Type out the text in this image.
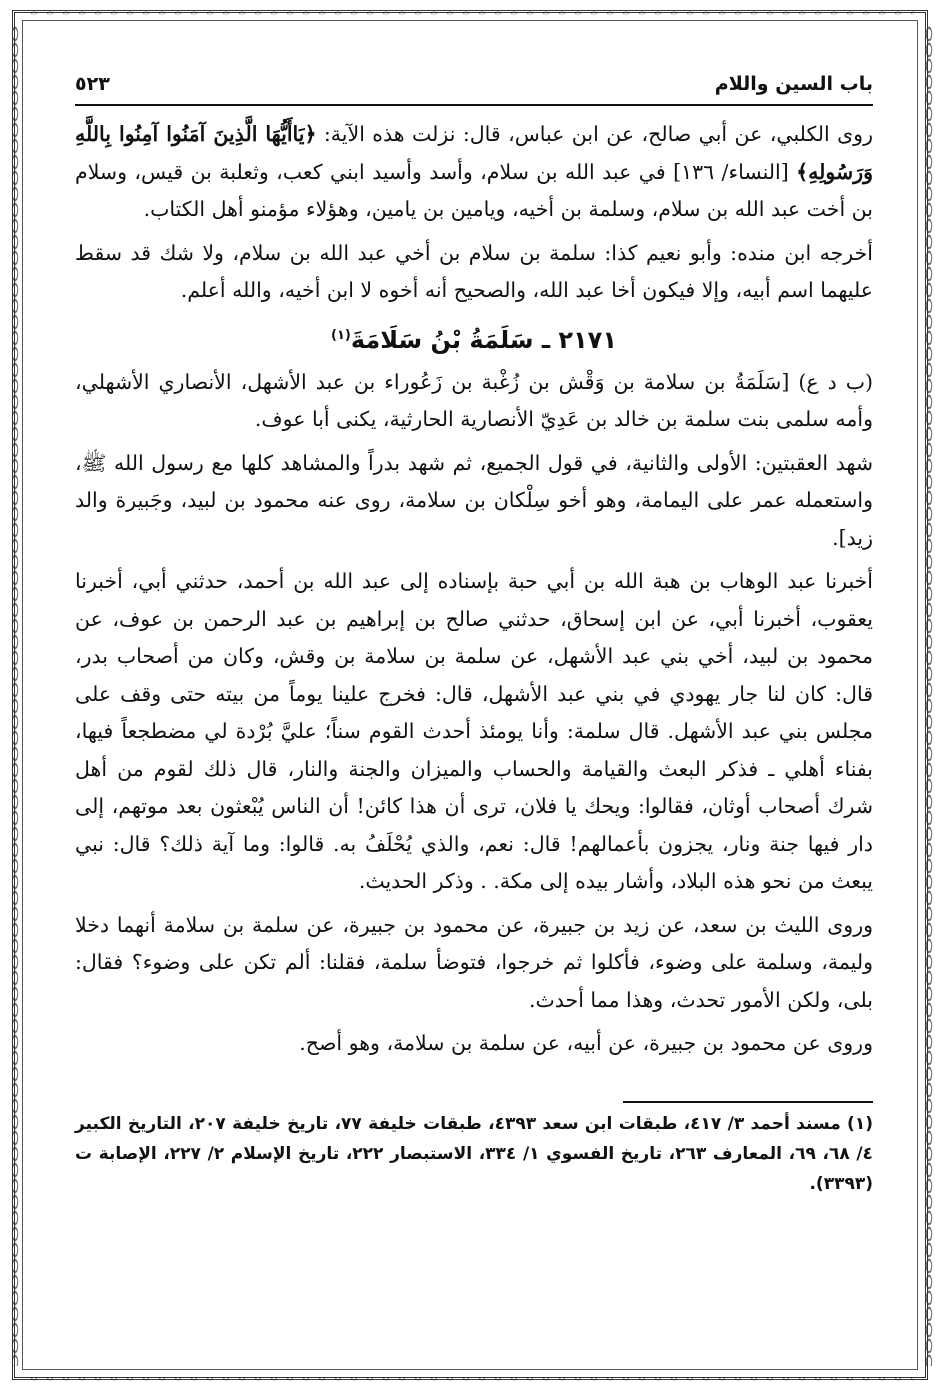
باب السين واللام
٥٢٣

روى الكلبي، عن أبي صالح، عن ابن عباس، قال: نزلت هذه الآية: ﴿يَاأَيُّهَا الَّذِينَ آمَنُوا آمِنُوا بِاللَّهِ وَرَسُولِهِ﴾ [النساء/ ١٣٦] في عبد الله بن سلام، وأسد وأسيد ابني كعب، وثعلبة بن قيس، وسلام بن أخت عبد الله بن سلام، وسلمة بن أخيه، ويامين بن يامين، وهؤلاء مؤمنو أهل الكتاب.

أخرجه ابن منده: وأبو نعيم كذا: سلمة بن سلام بن أخي عبد الله بن سلام، ولا شك قد سقط عليهما اسم أبيه، وإلا فيكون أخا عبد الله، والصحيح أنه أخوه لا ابن أخيه، والله أعلم.

٢١٧١ ـ سَلَمَةُ بْنُ سَلَامَةَ$^{(١)}$

(ب د ع) [سَلَمَةُ بن سلامة بن وَقْش بن زُغْبة بن زَعُوراء بن عبد الأشهل، الأنصاري الأشهلي، وأمه سلمى بنت سلمة بن خالد بن عَدِيّ الأنصارية الحارثية، يكنى أبا عوف.

شهد العقبتين: الأولى والثانية، في قول الجميع، ثم شهد بدراً والمشاهد كلها مع رسول الله ﷺ، واستعمله عمر على اليمامة، وهو أخو سِلْكان بن سلامة، روى عنه محمود بن لبيد، وجَبيرة والد زيد].

أخبرنا عبد الوهاب بن هبة الله بن أبي حبة بإسناده إلى عبد الله بن أحمد، حدثني أبي، أخبرنا يعقوب، أخبرنا أبي، عن ابن إسحاق، حدثني صالح بن إبراهيم بن عبد الرحمن بن عوف، عن محمود بن لبيد، أخي بني عبد الأشهل، عن سلمة بن سلامة بن وقش، وكان من أصحاب بدر، قال: كان لنا جار يهودي في بني عبد الأشهل، قال: فخرج علينا يوماً من بيته حتى وقف على مجلس بني عبد الأشهل. قال سلمة: وأنا يومئذ أحدث القوم سناً؛ عليَّ بُرْدة لي مضطجعاً فيها، بفناء أهلي ـ فذكر البعث والقيامة والحساب والميزان والجنة والنار، قال ذلك لقوم من أهل شرك أصحاب أوثان، فقالوا: ويحك يا فلان، ترى أن هذا كائن! أن الناس يُبْعثون بعد موتهم، إلى دار فيها جنة ونار، يجزون بأعمالهم! قال: نعم، والذي يُحْلَفُ به. قالوا: وما آية ذلك؟ قال: نبي يبعث من نحو هذه البلاد، وأشار بيده إلى مكة. . وذكر الحديث.

وروى الليث بن سعد، عن زيد بن جبيرة، عن محمود بن جبيرة، عن سلمة بن سلامة أنهما دخلا وليمة، وسلمة على وضوء، فأكلوا ثم خرجوا، فتوضأ سلمة، فقلنا: ألم تكن على وضوء؟ فقال: بلى، ولكن الأمور تحدث، وهذا مما أحدث.

وروى عن محمود بن جبيرة، عن أبيه، عن سلمة بن سلامة، وهو أصح.

(١) مسند أحمد ٣/ ٤١٧، طبقات ابن سعد ٤٣٩٣، طبقات خليفة ٧٧، تاريخ خليفة ٢٠٧، التاريخ الكبير ٤/ ٦٨، ٦٩، المعارف ٢٦٣، تاريخ الفسوي ١/ ٣٣٤، الاستبصار ٢٢٢، تاريخ الإسلام ٢/ ٢٢٧، الإصابة ت (٣٣٩٣).
